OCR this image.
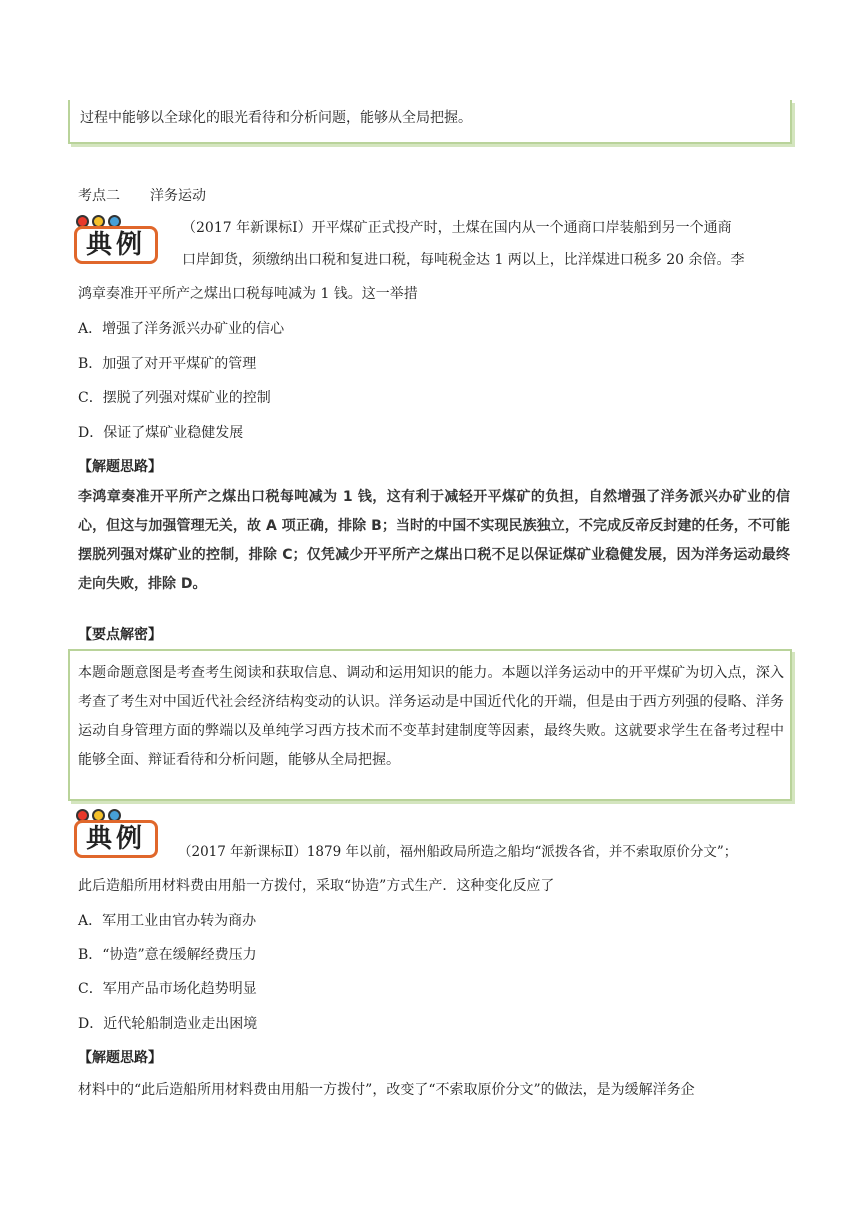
过程中能够以全球化的眼光看待和分析问题，能够从全局把握。
考点二 洋务运动
典例
（2017 年新课标Ⅰ）开平煤矿正式投产时，土煤在国内从一个通商口岸装船到另一个通商
口岸卸货，须缴纳出口税和复进口税，每吨税金达 1 两以上，比洋煤进口税多 20 余倍。李
鸿章奏准开平所产之煤出口税每吨减为 1 钱。这一举措
A．增强了洋务派兴办矿业的信心
B．加强了对开平煤矿的管理
C．摆脱了列强对煤矿业的控制
D．保证了煤矿业稳健发展
【解题思路】

李鸿章奏准开平所产之煤出口税每吨减为 1 钱，这有利于减轻开平煤矿的负担，自然增强了洋务派兴办矿业的信心，但这与加强管理无关，故 A 项正确，排除 B；当时的中国不实现民族独立，不完成反帝反封建的任务，不可能摆脱列强对煤矿业的控制，排除 C；仅凭减少开平所产之煤出口税不足以保证煤矿业稳健发展，因为洋务运动最终走向失败，排除 D。

【要点解密】

本题命题意图是考查考生阅读和获取信息、调动和运用知识的能力。本题以洋务运动中的开平煤矿为切入点，深入考查了考生对中国近代社会经济结构变动的认识。洋务运动是中国近代化的开端，但是由于西方列强的侵略、洋务运动自身管理方面的弊端以及单纯学习西方技术而不变革封建制度等因素，最终失败。这就要求学生在备考过程中能够全面、辩证看待和分析问题，能够从全局把握。

典例	（2017 年新课标Ⅱ）1879 年以前，福州船政局所造之船均“派拨各省，并不索取原价分文”；
此后造船所用材料费由用船一方拨付，采取“协造”方式生产．这种变化反应了
A．军用工业由官办转为商办
B．“协造”意在缓解经费压力
C．军用产品市场化趋势明显
D．近代轮船制造业走出困境
【解题思路】
材料中的“此后造船所用材料费由用船一方拨付”，改变了“不索取原价分文”的做法，是为缓解洋务企
